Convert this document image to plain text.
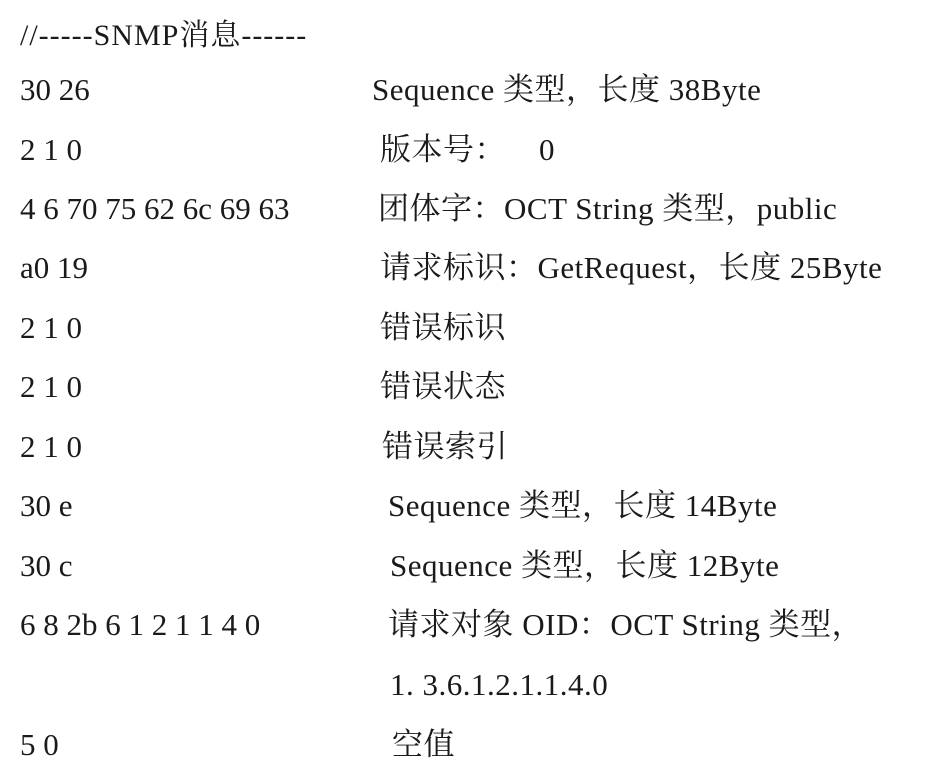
//-----SNMP消息------
30 26	Sequence 类型，长度 38Byte
2 1 0	版本号：    0
4 6 70 75 62 6c 69 63	团体字：OCT String 类型，public
a0 19	请求标识：GetRequest，长度 25Byte
2 1 0	错误标识
2 1 0	错误状态
2 1 0	错误索引
30 e	Sequence 类型，长度 14Byte
30 c	Sequence 类型，长度 12Byte
6 8 2b 6 1 2 1 1 4 0	请求对象 OID：OCT String 类型，
1. 3.6.1.2.1.1.4.0
5 0	空值
